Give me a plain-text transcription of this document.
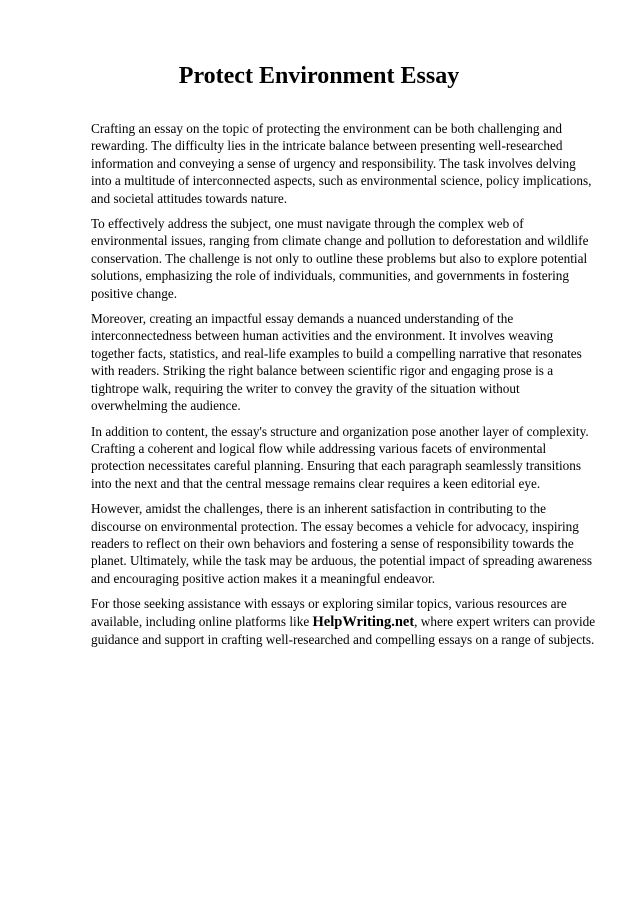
Protect Environment Essay

Crafting an essay on the topic of protecting the environment can be both challenging and rewarding. The difficulty lies in the intricate balance between presenting well-researched information and conveying a sense of urgency and responsibility. The task involves delving into a multitude of interconnected aspects, such as environmental science, policy implications, and societal attitudes towards nature.

To effectively address the subject, one must navigate through the complex web of environmental issues, ranging from climate change and pollution to deforestation and wildlife conservation. The challenge is not only to outline these problems but also to explore potential solutions, emphasizing the role of individuals, communities, and governments in fostering positive change.

Moreover, creating an impactful essay demands a nuanced understanding of the interconnectedness between human activities and the environment. It involves weaving together facts, statistics, and real-life examples to build a compelling narrative that resonates with readers. Striking the right balance between scientific rigor and engaging prose is a tightrope walk, requiring the writer to convey the gravity of the situation without overwhelming the audience.

In addition to content, the essay's structure and organization pose another layer of complexity. Crafting a coherent and logical flow while addressing various facets of environmental protection necessitates careful planning. Ensuring that each paragraph seamlessly transitions into the next and that the central message remains clear requires a keen editorial eye.

However, amidst the challenges, there is an inherent satisfaction in contributing to the discourse on environmental protection. The essay becomes a vehicle for advocacy, inspiring readers to reflect on their own behaviors and fostering a sense of responsibility towards the planet. Ultimately, while the task may be arduous, the potential impact of spreading awareness and encouraging positive action makes it a meaningful endeavor.

For those seeking assistance with essays or exploring similar topics, various resources are available, including online platforms like HelpWriting.net, where expert writers can provide guidance and support in crafting well-researched and compelling essays on a range of subjects.
